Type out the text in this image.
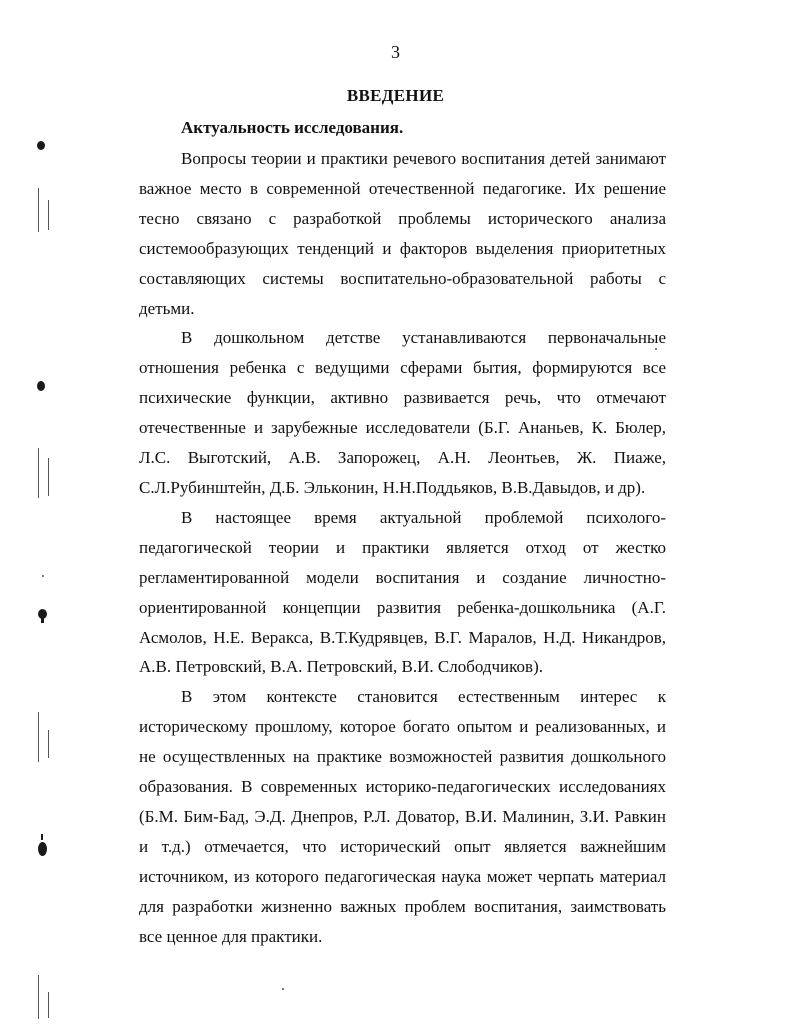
3
ВВЕДЕНИЕ
Актуальность исследования.

Вопросы теории и практики речевого воспитания детей занимают важное место в современной отечественной педагогике. Их решение тесно связано с разработкой проблемы исторического анализа системообразующих тенденций и факторов выделения приоритетных составляющих системы воспитательно-образовательной работы с детьми.

В дошкольном детстве устанавливаются первоначальные отношения ребенка с ведущими сферами бытия, формируются все психические функции, активно развивается речь, что отмечают отечественные и зарубежные исследователи (Б.Г. Ананьев, К. Бюлер, Л.С. Выготский, А.В. Запорожец, А.Н. Леонтьев, Ж. Пиаже, С.Л.Рубинштейн, Д.Б. Эльконин, Н.Н.Поддьяков, В.В.Давыдов, и др).

В настоящее время актуальной проблемой психолого-педагогической теории и практики является отход от жестко регламентированной модели воспитания и создание личностно-ориентированной концепции развития ребенка-дошкольника (А.Г. Асмолов, Н.Е. Веракса, В.Т.Кудрявцев, В.Г. Маралов, Н.Д. Никандров, А.В. Петровский, В.А. Петровский, В.И. Слободчиков).

В этом контексте становится естественным интерес к историческому прошлому, которое богато опытом и реализованных, и не осуществленных на практике возможностей развития дошкольного образования. В современных историко-педагогических исследованиях (Б.М. Бим-Бад, Э.Д. Днепров, Р.Л. Доватор, В.И. Малинин, З.И. Равкин и т.д.) отмечается, что исторический опыт является важнейшим источником, из которого педагогическая наука может черпать материал для разработки жизненно важных проблем воспитания, заимствовать все ценное для практики.
